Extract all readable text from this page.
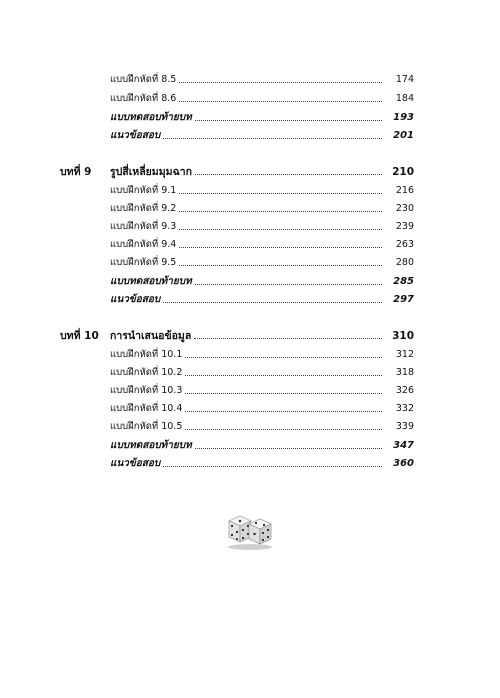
แบบฝึกหัดที่ 8.5	174
แบบฝึกหัดที่ 8.6	184
แบบทดสอบท้ายบท	193
แนวข้อสอบ	201
บทที่ 9	รูปสี่เหลี่ยมมุมฉาก	210
แบบฝึกหัดที่ 9.1	216
แบบฝึกหัดที่ 9.2	230
แบบฝึกหัดที่ 9.3	239
แบบฝึกหัดที่ 9.4	263
แบบฝึกหัดที่ 9.5	280
แบบทดสอบท้ายบท	285
แนวข้อสอบ	297
บทที่ 10	การนำเสนอข้อมูล	310
แบบฝึกหัดที่ 10.1	312
แบบฝึกหัดที่ 10.2	318
แบบฝึกหัดที่ 10.3	326
แบบฝึกหัดที่ 10.4	332
แบบฝึกหัดที่ 10.5	339
แบบทดสอบท้ายบท	347
แนวข้อสอบ	360
